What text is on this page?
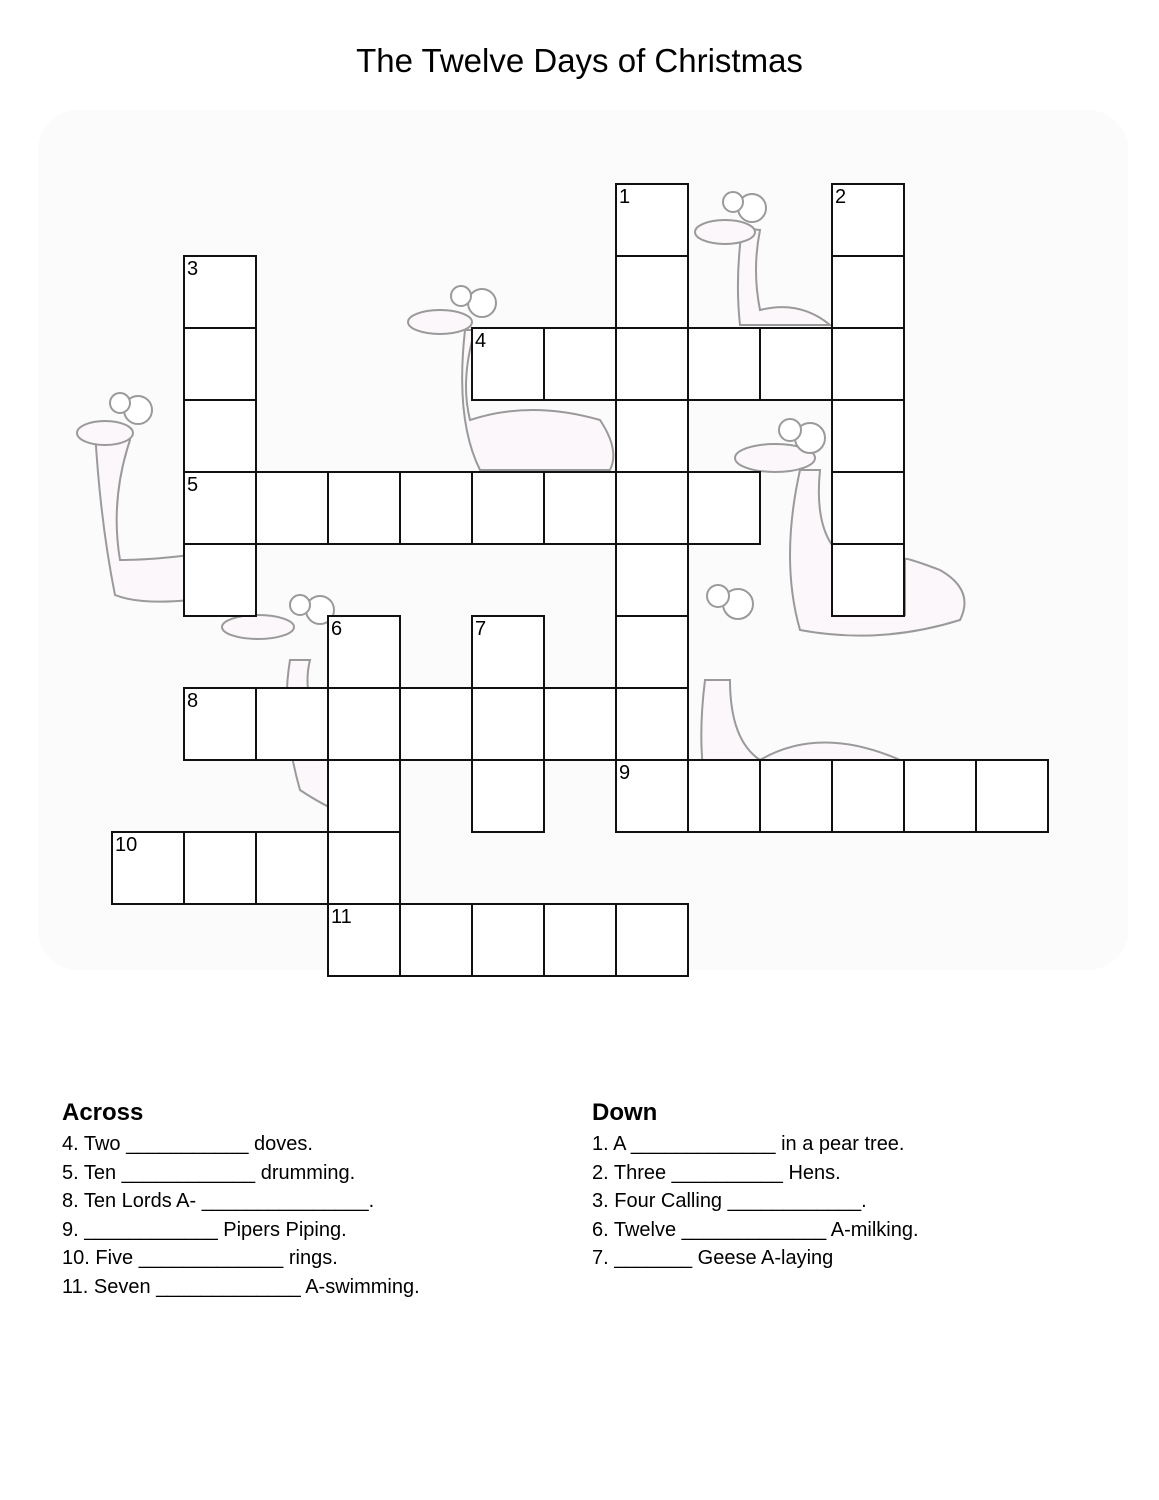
The Twelve Days of Christmas
1
9
2
3
5
4
6	7
8
10
11
Across
4. Two ___________ doves.
5. Ten ____________ drumming.
8. Ten Lords A- _______________.
9. ____________ Pipers Piping.
10. Five _____________ rings.
11. Seven _____________ A-swimming.
Down
1. A _____________ in a pear tree.
2. Three __________ Hens.
3. Four Calling ____________.
6. Twelve _____________ A-milking.
7. _______ Geese A-laying
